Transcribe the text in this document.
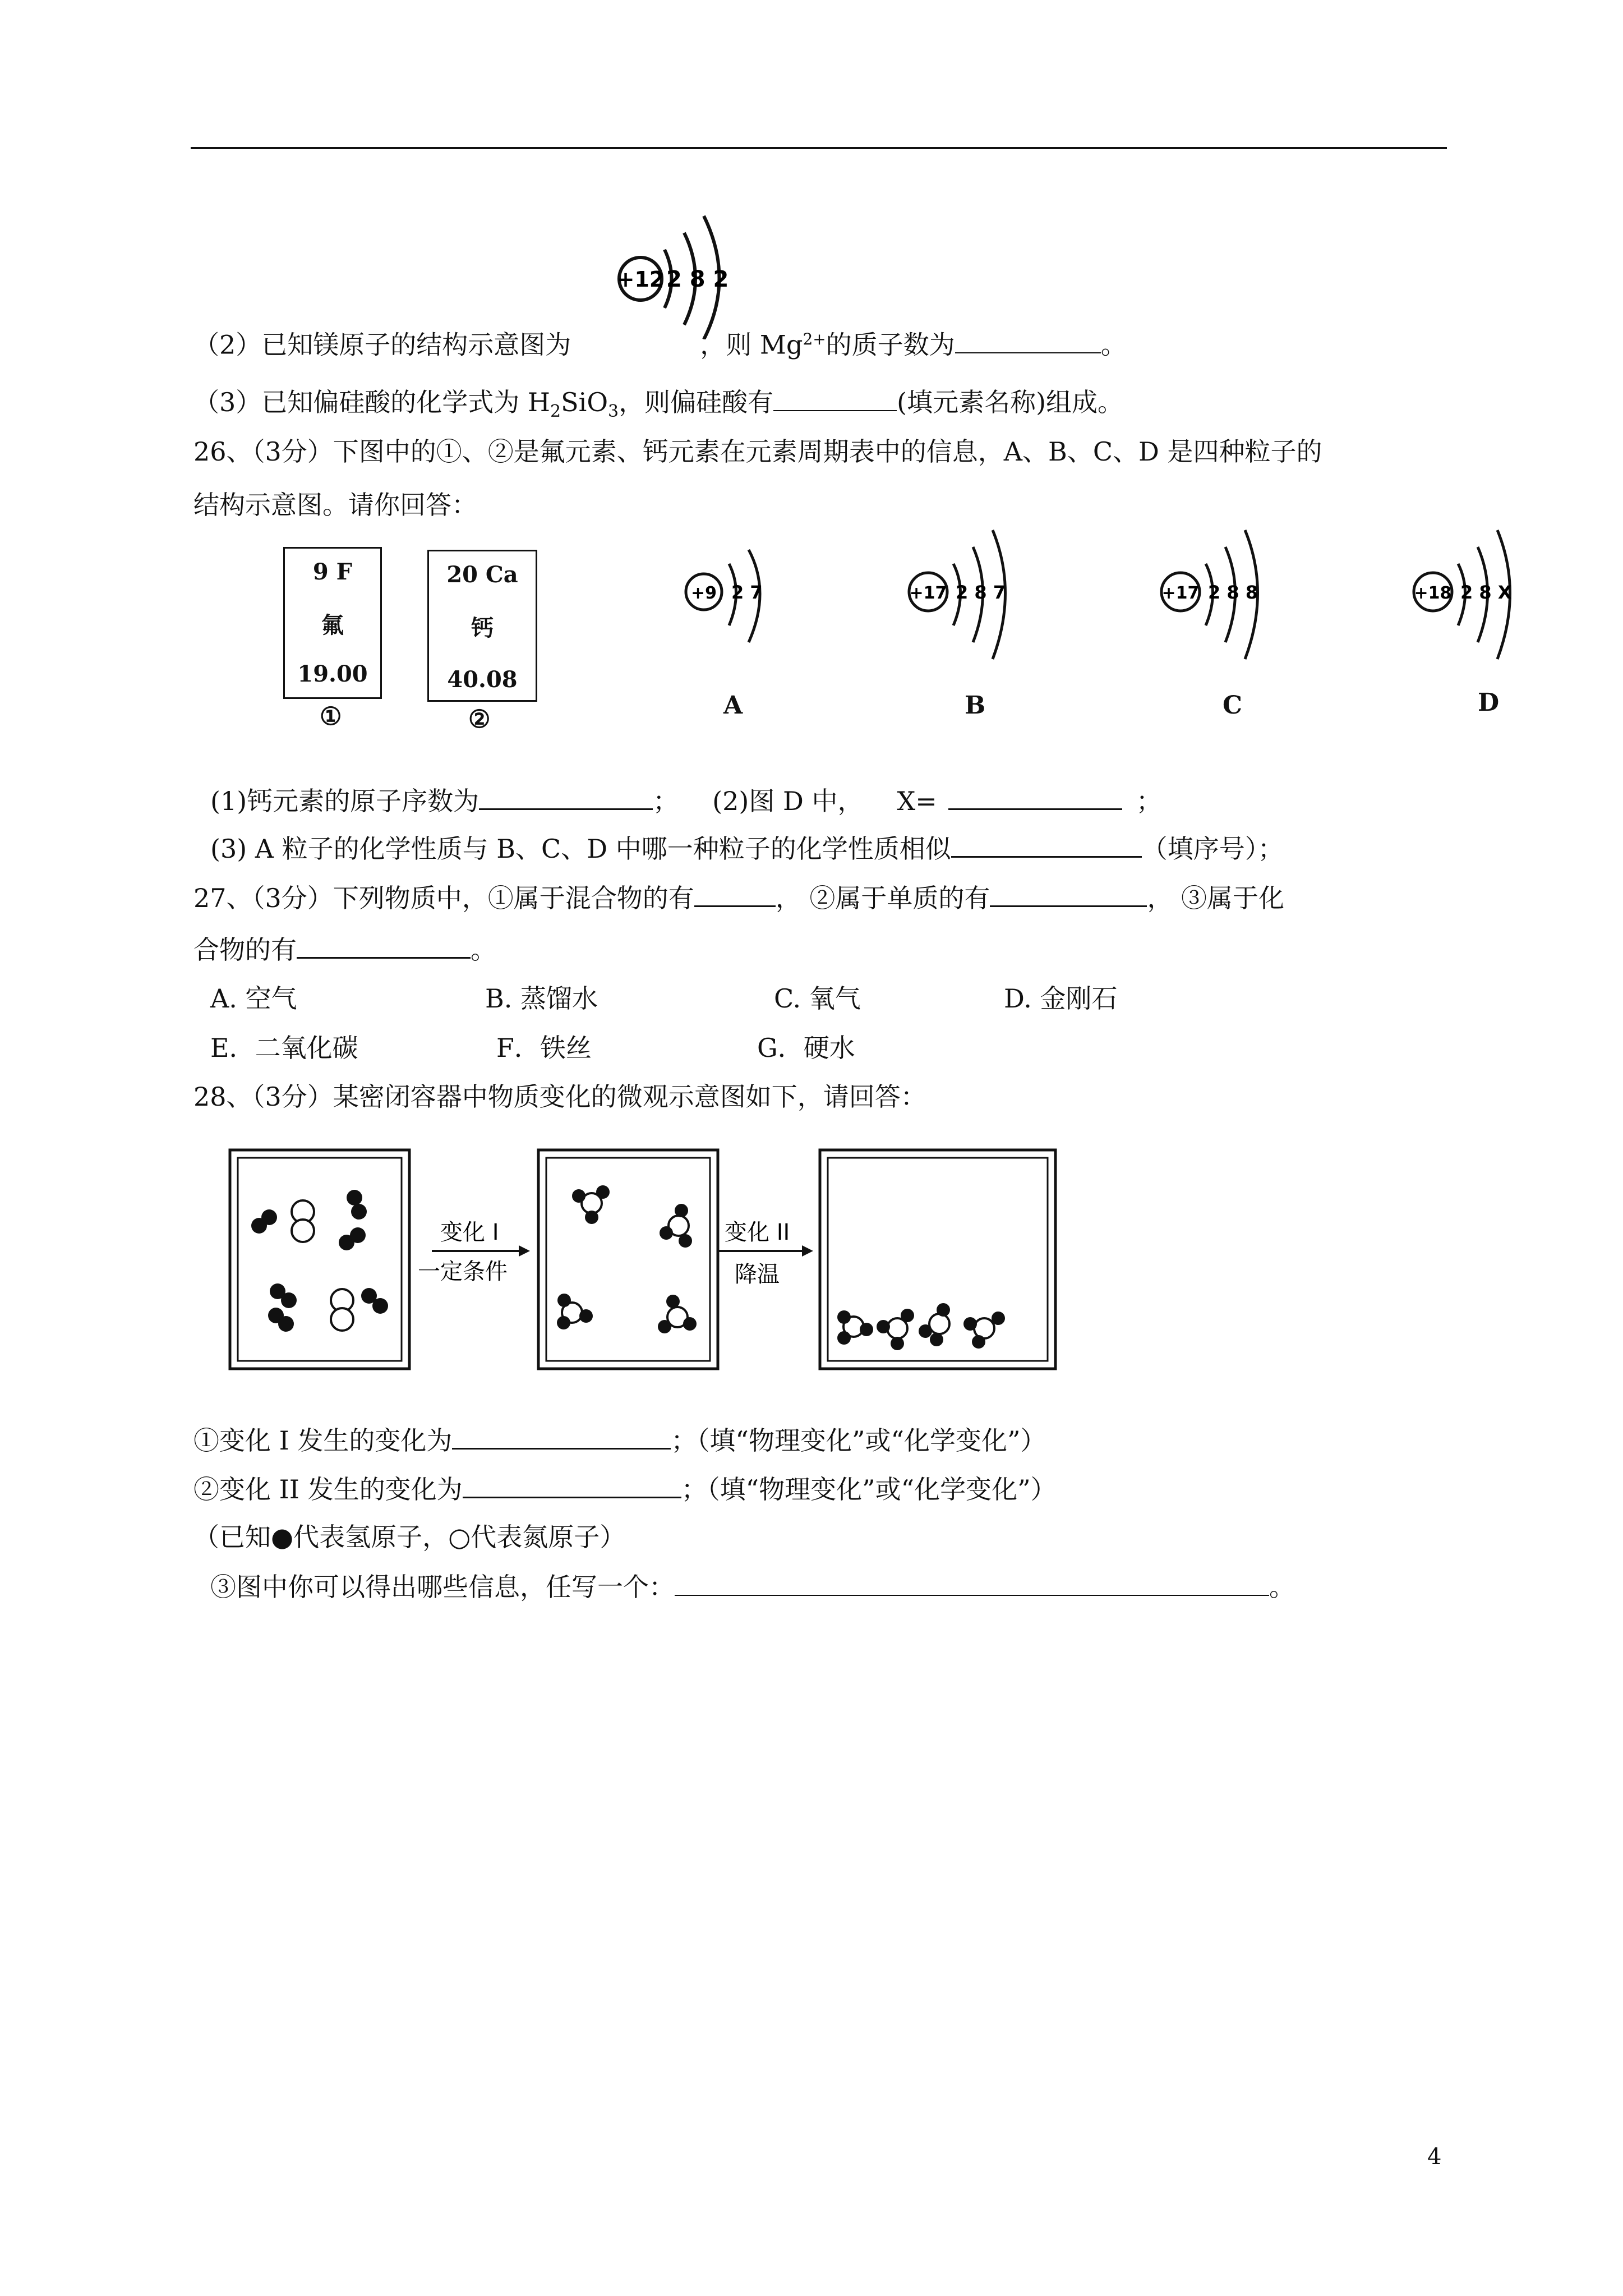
+12 2 8 2
（2）已知镁原子的结构示意图为	，则 $Mg^{2+}$的质子数为	。
（3）已知偏硅酸的化学式为 $H_2SiO_3$，则偏硅酸有	(填元素名称)组成。
26、（3分）下图中的①、②是氟元素、钙元素在元素周期表中的信息，A、B、C、D 是四种粒子的
结构示意图。请你回答：
9 F
氟
19.00
①
20 Ca
钙
40.08
②
+9 2 7
A
+17 2 8 7
B
+17 2 8 8
C
+18 2 8 X
D
(1)钙元素的原子序数为	； (2)图 D 中， X=	；
(3) A 粒子的化学性质与 B、C、D 中哪一种粒子的化学性质相似	（填序号）；
27、（3分）下列物质中，①属于混合物的有	， ②属于单质的有	， ③属于化
合物的有	。
A. 空气	B. 蒸馏水	C. 氧气	D. 金刚石
E．二氧化碳	F．铁丝	G．硬水
28、（3分）某密闭容器中物质变化的微观示意图如下，请回答：
变化 I
一定条件
变化 II
降温
①变化 I 发生的变化为	；（填“物理变化”或“化学变化”）
②变化 II 发生的变化为	；（填“物理变化”或“化学变化”）
（已知●代表氢原子，○代表氮原子）
③图中你可以得出哪些信息，任写一个：	。
4
